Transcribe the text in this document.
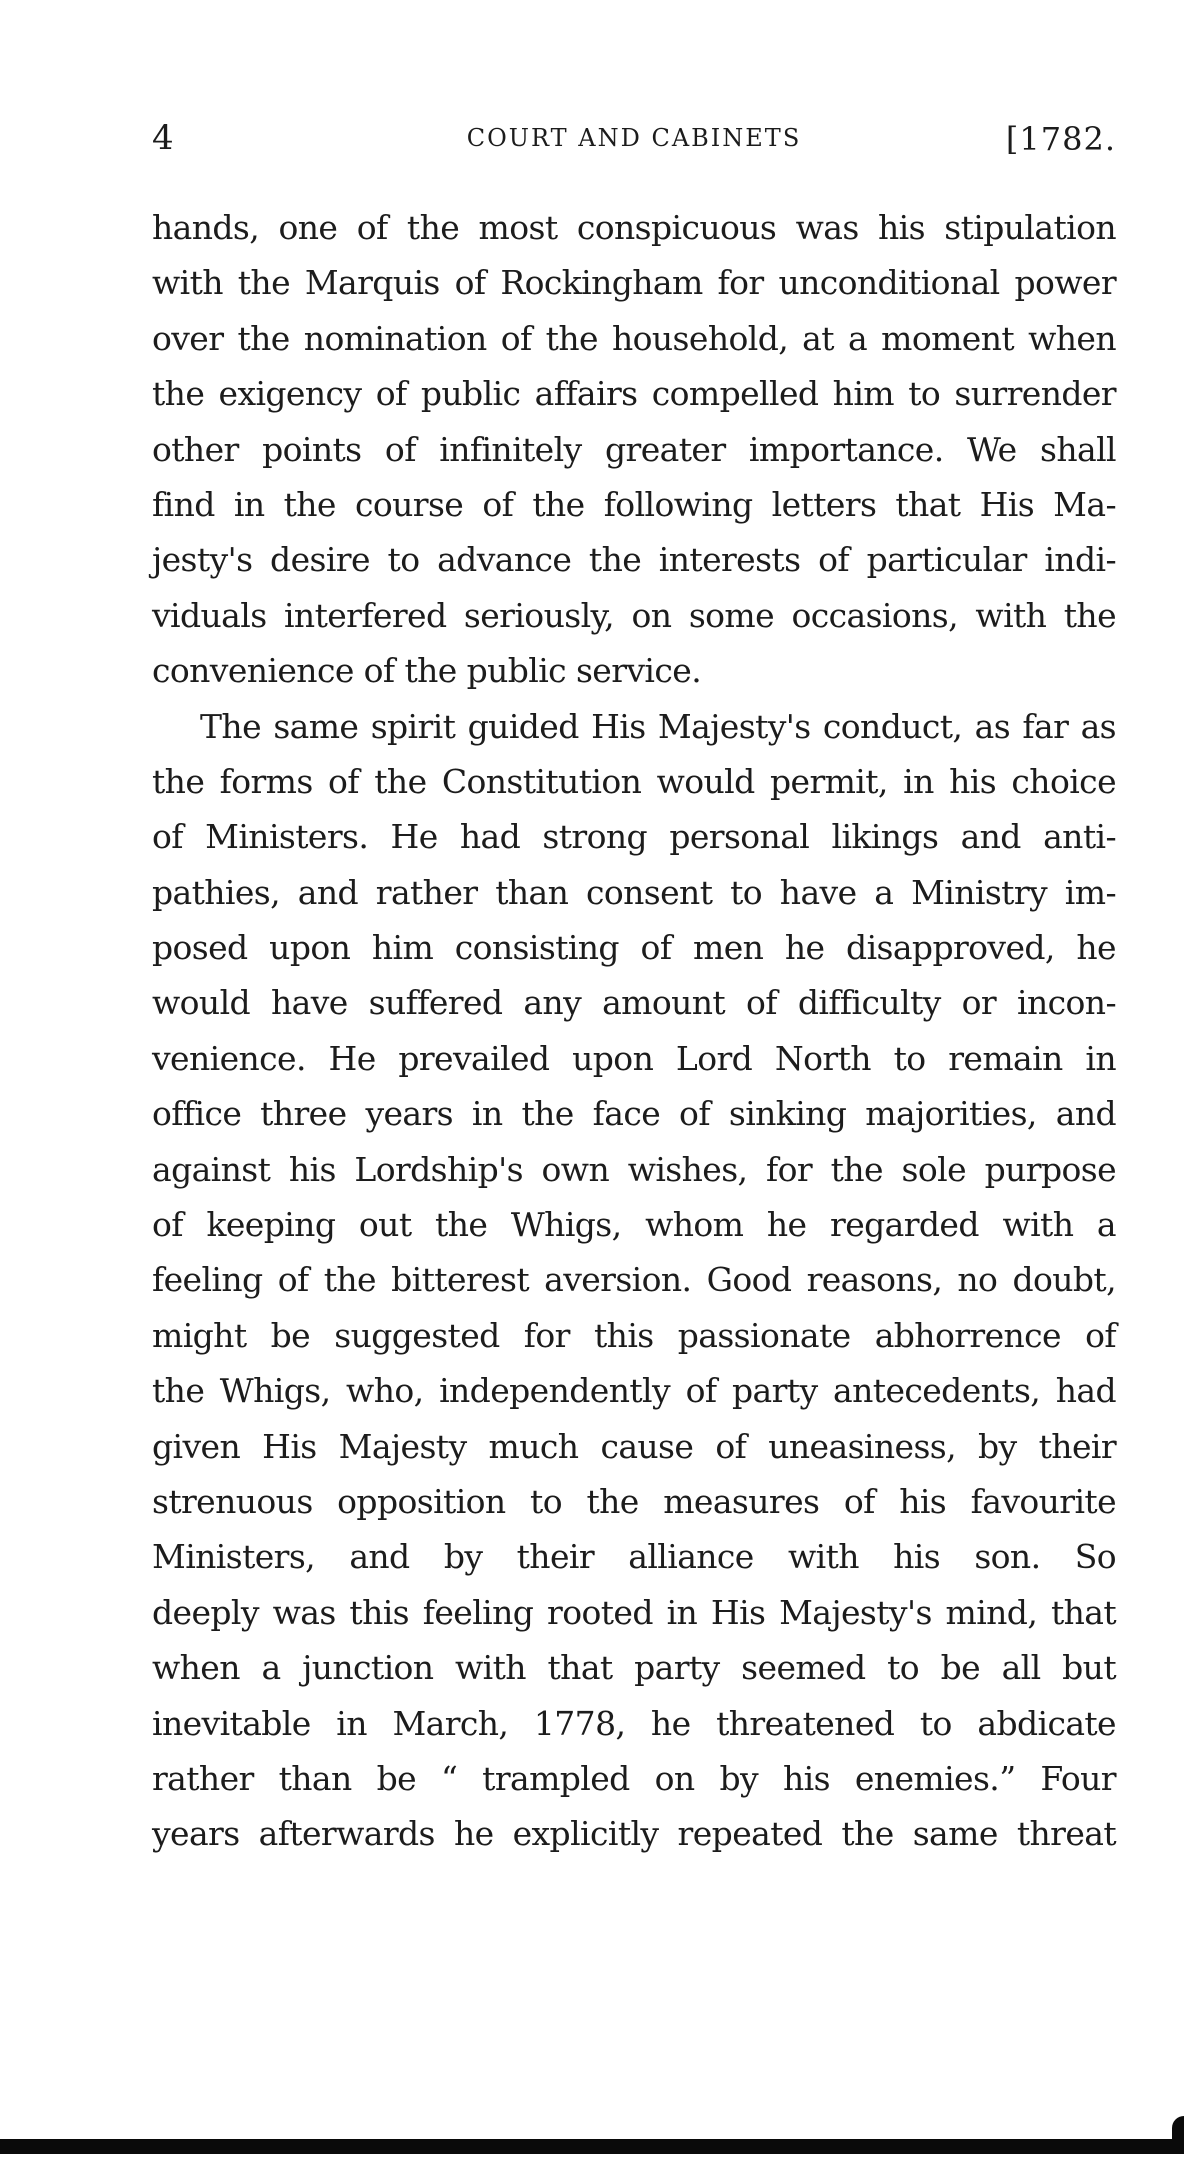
4	COURT AND CABINETS	[1782.
hands, one of the most conspicuous was his stipulation
with the Marquis of Rockingham for unconditional power
over the nomination of the household, at a moment when
the exigency of public affairs compelled him to surrender
other points of infinitely greater importance. We shall
find in the course of the following letters that His Ma-
jesty's desire to advance the interests of particular indi-
viduals interfered seriously, on some occasions, with the
convenience of the public service.
The same spirit guided His Majesty's conduct, as far as
the forms of the Constitution would permit, in his choice
of Ministers. He had strong personal likings and anti-
pathies, and rather than consent to have a Ministry im-
posed upon him consisting of men he disapproved, he
would have suffered any amount of difficulty or incon-
venience. He prevailed upon Lord North to remain in
office three years in the face of sinking majorities, and
against his Lordship's own wishes, for the sole purpose
of keeping out the Whigs, whom he regarded with a
feeling of the bitterest aversion. Good reasons, no doubt,
might be suggested for this passionate abhorrence of
the Whigs, who, independently of party antecedents, had
given His Majesty much cause of uneasiness, by their
strenuous opposition to the measures of his favourite
Ministers, and by their alliance with his son. So
deeply was this feeling rooted in His Majesty's mind, that
when a junction with that party seemed to be all but
inevitable in March, 1778, he threatened to abdicate
rather than be “ trampled on by his enemies.” Four
years afterwards he explicitly repeated the same threat
